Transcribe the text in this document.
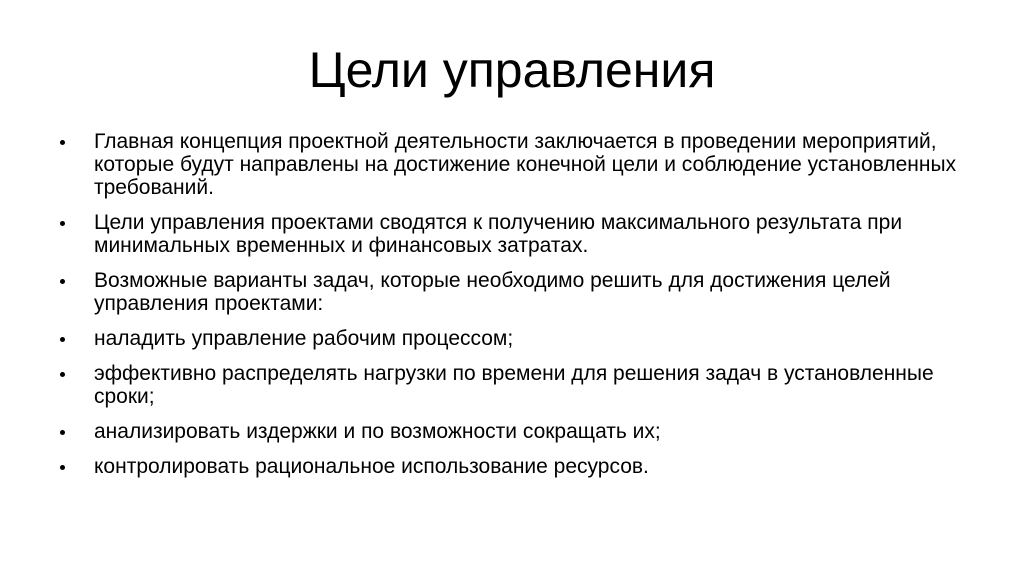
Цели управления
Главная концепция проектной деятельности заключается в проведении мероприятий, которые будут направлены на достижение конечной цели и соблюдение установленных требований.
Цели управления проектами сводятся к получению максимального результата при минимальных временных и финансовых затратах.
Возможные варианты задач, которые необходимо решить для достижения целей управления проектами:
наладить управление рабочим процессом;
эффективно распределять нагрузки по времени для решения задач в установленные сроки;
анализировать издержки и по возможности сокращать их;
контролировать рациональное использование ресурсов.
